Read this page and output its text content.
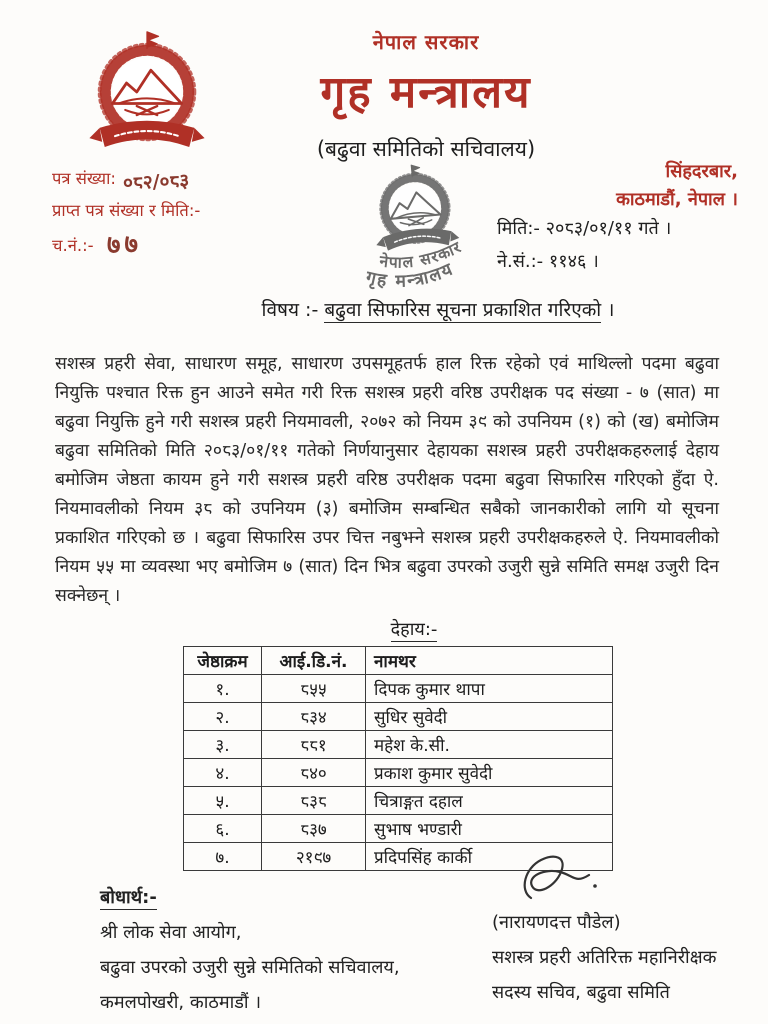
नेपाल सरकार
गृह मन्त्रालय
(बढुवा समितिको सचिवालय)
पत्र संख्या: ०८२/०८३
प्राप्त पत्र संख्या र मिति:-
च.नं.:- ७७
सिंहदरबार,
काठमाडौं, नेपाल ।
मिति:- २०८३/०१/११ गते ।
ने.सं.:- ११४६ ।
नेपाल सरकार
गृह मन्त्रालय
विषय :- बढुवा सिफारिस सूचना प्रकाशित गरिएको ।
सशस्त्र प्रहरी सेवा, साधारण समूह, साधारण उपसमूहतर्फ हाल रिक्त रहेको एवं माथिल्लो पदमा बढुवा नियुक्ति पश्चात रिक्त हुन आउने समेत गरी रिक्त सशस्त्र प्रहरी वरिष्ठ उपरीक्षक पद संख्या - ७ (सात) मा बढुवा नियुक्ति हुने गरी सशस्त्र प्रहरी नियमावली, २०७२ को नियम ३९ को उपनियम (१) को (ख) बमोजिम बढुवा समितिको मिति २०८३/०१/११ गतेको निर्णयानुसार देहायका सशस्त्र प्रहरी उपरीक्षकहरुलाई देहाय बमोजिम जेष्ठता कायम हुने गरी सशस्त्र प्रहरी वरिष्ठ उपरीक्षक पदमा बढुवा सिफारिस गरिएको हुँदा ऐ. नियमावलीको नियम ३८ को उपनियम (३) बमोजिम सम्बन्धित सबैको जानकारीको लागि यो सूचना प्रकाशित गरिएको छ । बढुवा सिफारिस उपर चित्त नबुझ्ने सशस्त्र प्रहरी उपरीक्षकहरुले ऐ. नियमावलीको नियम ५५ मा व्यवस्था भए बमोजिम ७ (सात) दिन भित्र बढुवा उपरको उजुरी सुन्ने समिति समक्ष उजुरी दिन सक्नेछन् ।
देहाय:-
जेष्ठाक्रम	आई.डि.नं.	नामथर
१.	८५५	दिपक कुमार थापा
२.	८३४	सुधिर सुवेदी
३.	८८१	महेश के.सी.
४.	८४०	प्रकाश कुमार सुवेदी
५.	८३८	चित्राङ्गत दहाल
६.	८३७	सुभाष भण्डारी
७.	२१९७	प्रदिपसिंह कार्की
बोधार्थ:-
श्री लोक सेवा आयोग,
बढुवा उपरको उजुरी सुन्ने समितिको सचिवालय,
कमलपोखरी, काठमाडौं ।
(नारायणदत्त पौडेल)
सशस्त्र प्रहरी अतिरिक्त महानिरीक्षक
सदस्य सचिव, बढुवा समिति
